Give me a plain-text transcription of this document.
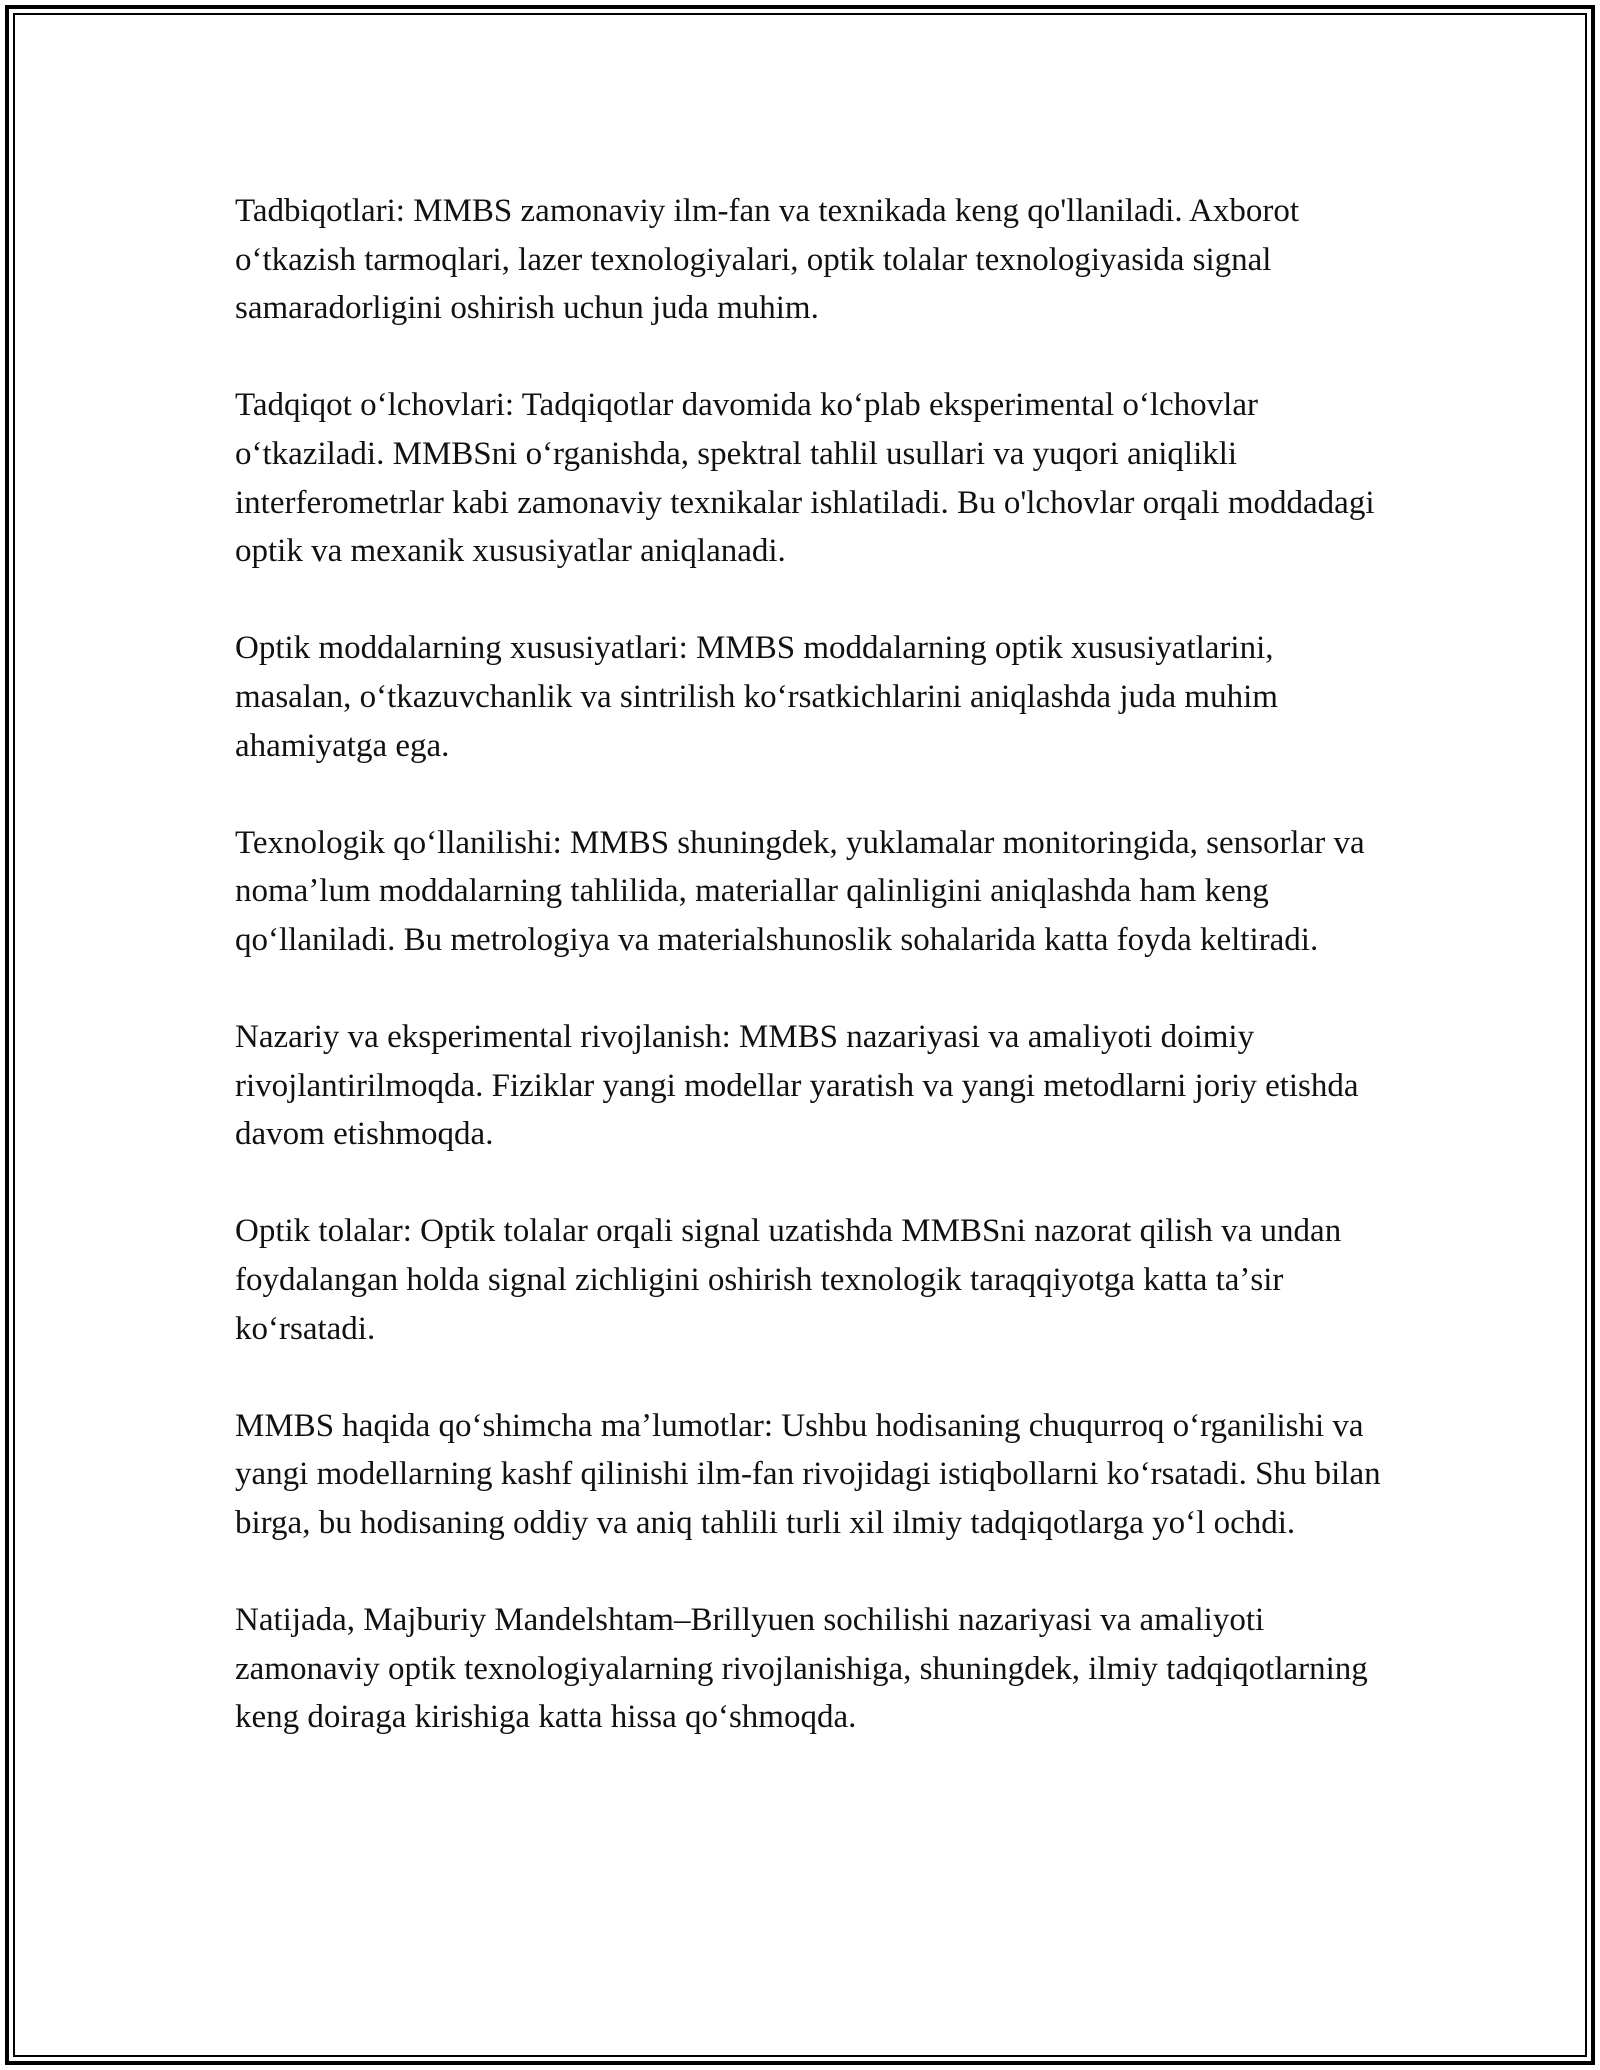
Tadbiqotlari: MMBS zamonaviy ilm-fan va texnikada keng qo'llaniladi. Axborot oʻtkazish tarmoqlari, lazer texnologiyalari, optik tolalar texnologiyasida signal samaradorligini oshirish uchun juda muhim.

Tadqiqot oʻlchovlari: Tadqiqotlar davomida koʻplab eksperimental oʻlchovlar oʻtkaziladi. MMBSni oʻrganishda, spektral tahlil usullari va yuqori aniqlikli interferometrlar kabi zamonaviy texnikalar ishlatiladi. Bu o'lchovlar orqali moddadagi optik va mexanik xususiyatlar aniqlanadi.

Optik moddalarning xususiyatlari: MMBS moddalarning optik xususiyatlarini, masalan, oʻtkazuvchanlik va sintrilish koʻrsatkichlarini aniqlashda juda muhim ahamiyatga ega.

Texnologik qoʻllanilishi: MMBS shuningdek, yuklamalar monitoringida, sensorlar va nomaʼlum moddalarning tahlilida, materiallar qalinligini aniqlashda ham keng qoʻllaniladi. Bu metrologiya va materialshunoslik sohalarida katta foyda keltiradi.

Nazariy va eksperimental rivojlanish: MMBS nazariyasi va amaliyoti doimiy rivojlantirilmoqda. Fiziklar yangi modellar yaratish va yangi metodlarni joriy etishda davom etishmoqda.

Optik tolalar: Optik tolalar orqali signal uzatishda MMBSni nazorat qilish va undan foydalangan holda signal zichligini oshirish texnologik taraqqiyotga katta taʼsir koʻrsatadi.

MMBS haqida qoʻshimcha maʼlumotlar: Ushbu hodisaning chuqurroq oʻrganilishi va yangi modellarning kashf qilinishi ilm-fan rivojidagi istiqbollarni koʻrsatadi. Shu bilan birga, bu hodisaning oddiy va aniq tahlili turli xil ilmiy tadqiqotlarga yoʻl ochdi.

Natijada, Majburiy Mandelshtam–Brillyuen sochilishi nazariyasi va amaliyoti zamonaviy optik texnologiyalarning rivojlanishiga, shuningdek, ilmiy tadqiqotlarning keng doiraga kirishiga katta hissa qoʻshmoqda.
